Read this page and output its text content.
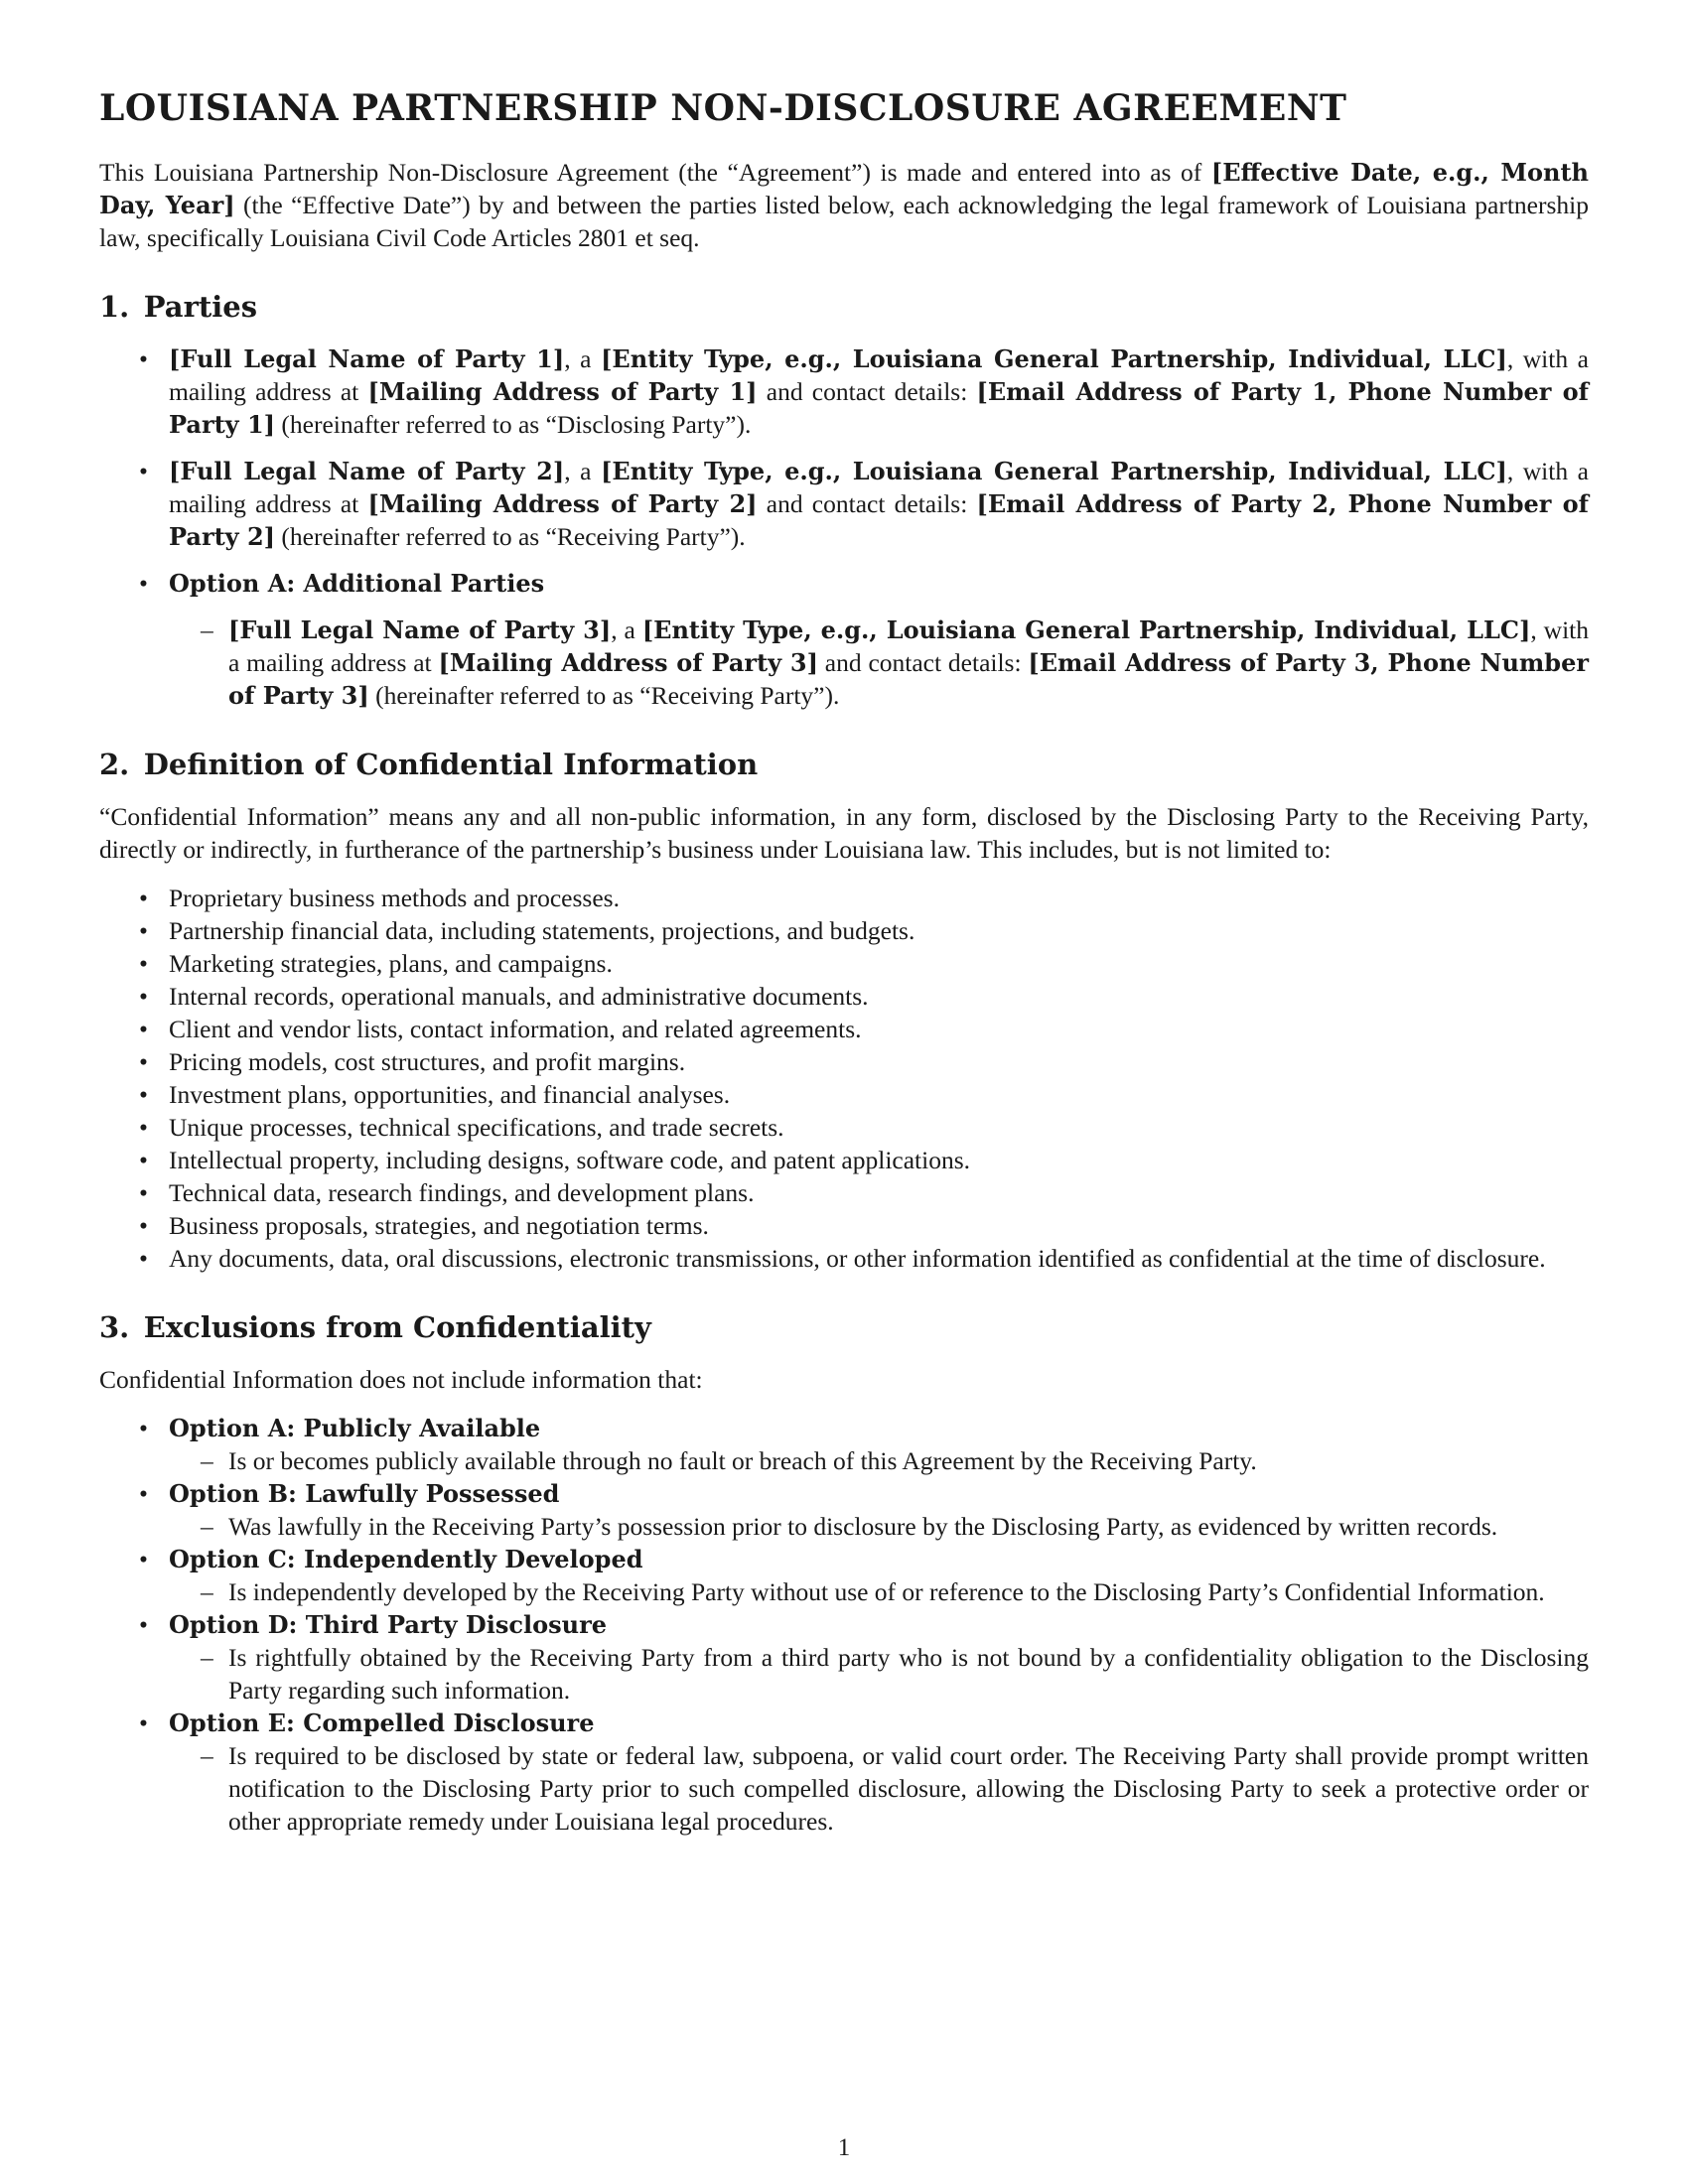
LOUISIANA PARTNERSHIP NON-DISCLOSURE AGREEMENT

This Louisiana Partnership Non-Disclosure Agreement (the “Agreement”) is made and entered into as of [Effective Date, e.g., Month Day, Year] (the “Effective Date”) by and between the parties listed below, each acknowledging the legal framework of Louisiana partnership law, specifically Louisiana Civil Code Articles 2801 et seq.

1. Parties
• [Full Legal Name of Party 1], a [Entity Type, e.g., Louisiana General Partnership, Individual, LLC], with a mailing address at [Mailing Address of Party 1] and contact details: [Email Address of Party 1, Phone Number of Party 1] (hereinafter referred to as “Disclosing Party”).
• [Full Legal Name of Party 2], a [Entity Type, e.g., Louisiana General Partnership, Individual, LLC], with a mailing address at [Mailing Address of Party 2] and contact details: [Email Address of Party 2, Phone Number of Party 2] (hereinafter referred to as “Receiving Party”).
• Option A: Additional Parties
– [Full Legal Name of Party 3], a [Entity Type, e.g., Louisiana General Partnership, Individual, LLC], with a mailing address at [Mailing Address of Party 3] and contact details: [Email Address of Party 3, Phone Number of Party 3] (hereinafter referred to as “Receiving Party”).
2. Definition of Confidential Information

“Confidential Information” means any and all non-public information, in any form, disclosed by the Disclosing Party to the Receiving Party, directly or indirectly, in furtherance of the partnership’s business under Louisiana law. This includes, but is not limited to:

• Proprietary business methods and processes.
• Partnership financial data, including statements, projections, and budgets.
• Marketing strategies, plans, and campaigns.
• Internal records, operational manuals, and administrative documents.
• Client and vendor lists, contact information, and related agreements.
• Pricing models, cost structures, and profit margins.
• Investment plans, opportunities, and financial analyses.
• Unique processes, technical specifications, and trade secrets.
• Intellectual property, including designs, software code, and patent applications.
• Technical data, research findings, and development plans.
• Business proposals, strategies, and negotiation terms.
• Any documents, data, oral discussions, electronic transmissions, or other information identified as confidential at the time of disclosure.
3. Exclusions from Confidentiality

Confidential Information does not include information that:

• Option A: Publicly Available
– Is or becomes publicly available through no fault or breach of this Agreement by the Receiving Party.
• Option B: Lawfully Possessed
– Was lawfully in the Receiving Party’s possession prior to disclosure by the Disclosing Party, as evidenced by written records.
• Option C: Independently Developed
– Is independently developed by the Receiving Party without use of or reference to the Disclosing Party’s Confidential Information.
• Option D: Third Party Disclosure
– Is rightfully obtained by the Receiving Party from a third party who is not bound by a confidentiality obligation to the Disclosing Party regarding such information.
• Option E: Compelled Disclosure
– Is required to be disclosed by state or federal law, subpoena, or valid court order. The Receiving Party shall provide prompt written notification to the Disclosing Party prior to such compelled disclosure, allowing the Disclosing Party to seek a protective order or other appropriate remedy under Louisiana legal procedures.
1
